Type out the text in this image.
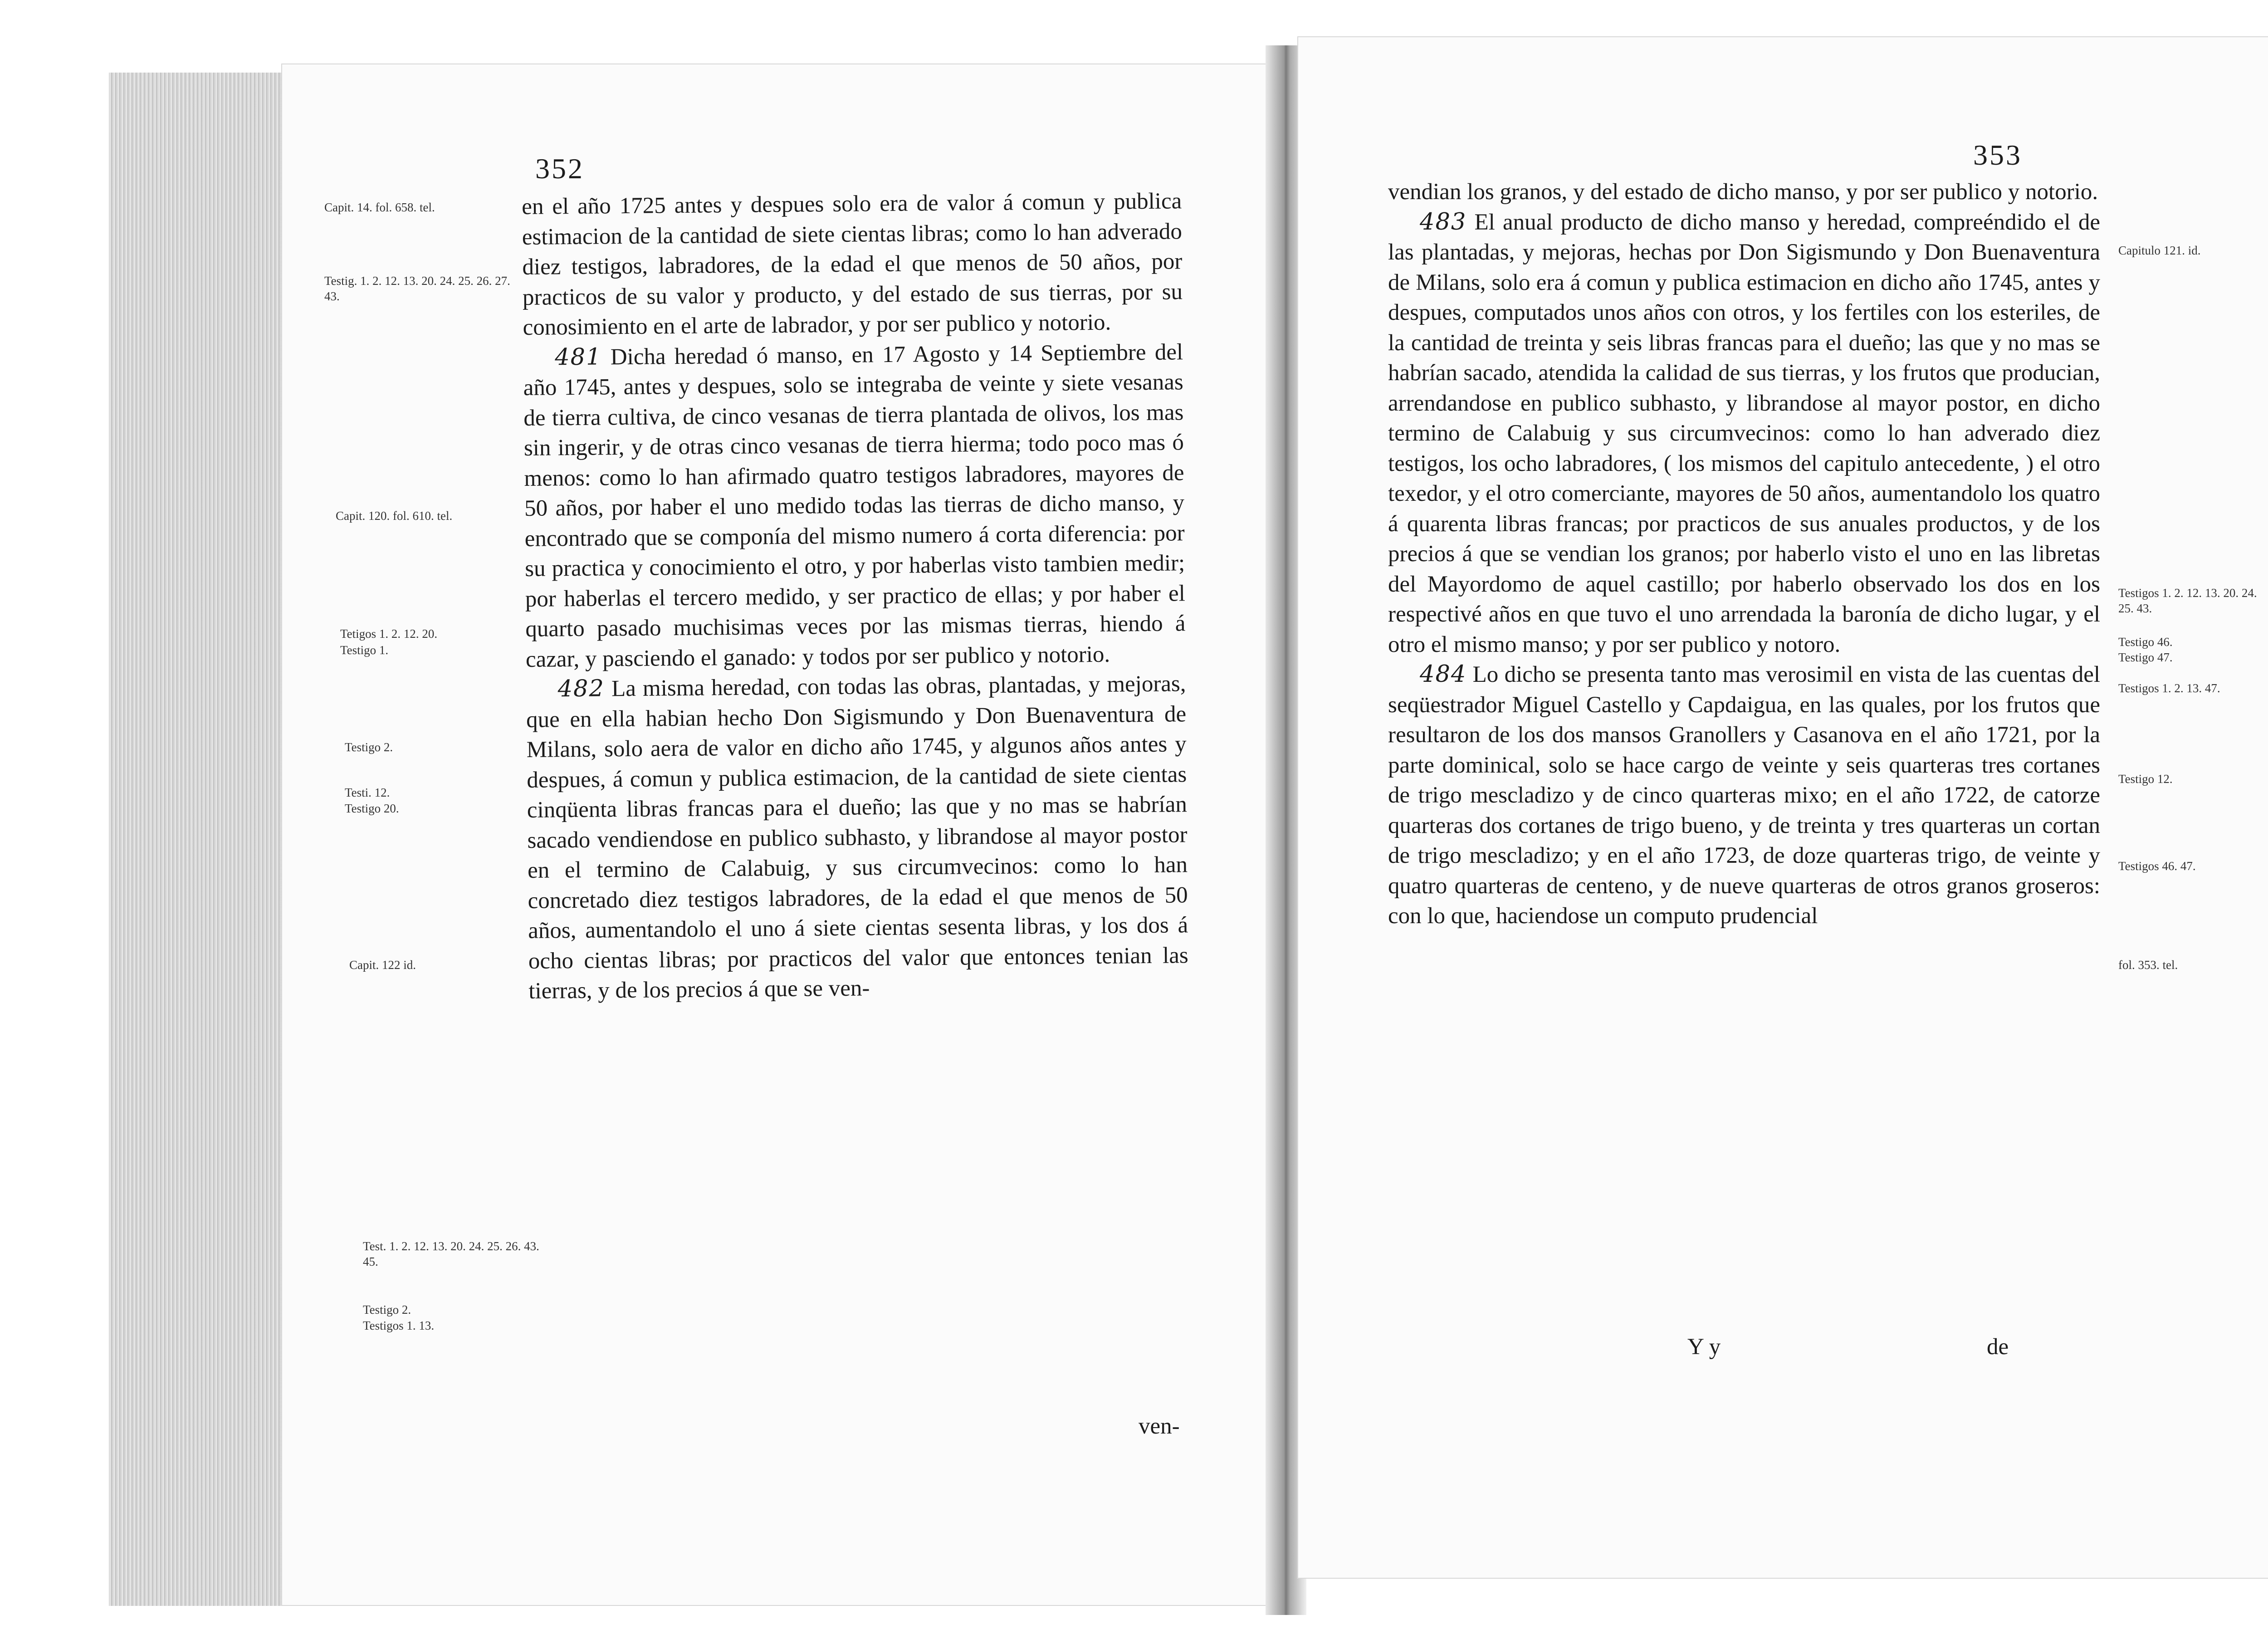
352
Capit. 14. fol. 658. tel.
Testig. 1. 2. 12. 13. 20. 24. 25. 26. 27. 43.
Capit. 120. fol. 610. tel.
Tetigos 1. 2. 12. 20.
Testigo 1.
Testigo 2.
Testi. 12.
Testigo 20.
Capit. 122 id.
Test. 1. 2. 12. 13. 20. 24. 25. 26. 43. 45.
Testigo 2.
Testigos 1. 13.

en el año 1725 antes y despues solo era de valor á comun y publica estimacion de la cantidad de siete cientas libras; como lo han adverado diez testigos, labradores, de la edad el que menos de 50 años, por practicos de su valor y producto, y del estado de sus tierras, por su conosimiento en el arte de labrador, y por ser publico y notorio.

481 Dicha heredad ó manso, en 17 Agosto y 14 Septiembre del año 1745, antes y despues, solo se integraba de veinte y siete vesanas de tierra cultiva, de cinco vesanas de tierra plantada de olivos, los mas sin ingerir, y de otras cinco vesanas de tierra hierma; todo poco mas ó menos: como lo han afirmado quatro testigos labradores, mayores de 50 años, por haber el uno medido todas las tierras de dicho manso, y encontrado que se componía del mismo numero á corta diferencia: por su practica y conocimiento el otro, y por haberlas visto tambien medir; por haberlas el tercero medido, y ser practico de ellas; y por haber el quarto pasado muchisimas veces por las mismas tierras, hiendo á cazar, y pasciendo el ganado: y todos por ser publico y notorio.

482 La misma heredad, con todas las obras, plantadas, y mejoras, que en ella habian hecho Don Sigismundo y Don Buenaventura de Milans, solo aera de valor en dicho año 1745, y algunos años antes y despues, á comun y publica estimacion, de la cantidad de siete cientas cinqüenta libras francas para el dueño; las que y no mas se habrían sacado vendiendose en publico subhasto, y librandose al mayor postor en el termino de Calabuig, y sus circumvecinos: como lo han concretado diez testigos labradores, de la edad el que menos de 50 años, aumentandolo el uno á siete cientas sesenta libras, y los dos á ocho cientas libras; por practicos del valor que entonces tenian las tierras, y de los precios á que se ven-

ven-
353

vendian los granos, y del estado de dicho manso, y por ser publico y notorio.

483 El anual producto de dicho manso y heredad, compreéndido el de las plantadas, y mejoras, hechas por Don Sigismundo y Don Buenaventura de Milans, solo era á comun y publica estimacion en dicho año 1745, antes y despues, computados unos años con otros, y los fertiles con los esteriles, de la cantidad de treinta y seis libras francas para el dueño; las que y no mas se habrían sacado, atendida la calidad de sus tierras, y los frutos que producian, arrendandose en publico subhasto, y librandose al mayor postor, en dicho termino de Calabuig y sus circumvecinos: como lo han adverado diez testigos, los ocho labradores, ( los mismos del capitulo antecedente, ) el otro texedor, y el otro comerciante, mayores de 50 años, aumentandolo los quatro á quarenta libras francas; por practicos de sus anuales productos, y de los precios á que se vendian los granos; por haberlo visto el uno en las libretas del Mayordomo de aquel castillo; por haberlo observado los dos en los respectivé años en que tuvo el uno arrendada la baronía de dicho lugar, y el otro el mismo manso; y por ser publico y notoro.

484 Lo dicho se presenta tanto mas verosimil en vista de las cuentas del seqüestrador Miguel Castello y Capdaigua, en las quales, por los frutos que resultaron de los dos mansos Granollers y Casanova en el año 1721, por la parte dominical, solo se hace cargo de veinte y seis quarteras tres cortanes de trigo mescladizo y de cinco quarteras mixo; en el año 1722, de catorze quarteras dos cortanes de trigo bueno, y de treinta y tres quarteras un cortan de trigo mescladizo; y en el año 1723, de doze quarteras trigo, de veinte y quatro quarteras de centeno, y de nueve quarteras de otros granos groseros: con lo que, haciendose un computo prudencial

Capitulo 121. id.
Testigos 1. 2. 12. 13. 20. 24. 25. 43.
Testigo 46.
Testigo 47.
Testigos 1. 2. 13. 47.
Testigo 12.
Testigos 46. 47.
fol. 353. tel.
Y y	de
